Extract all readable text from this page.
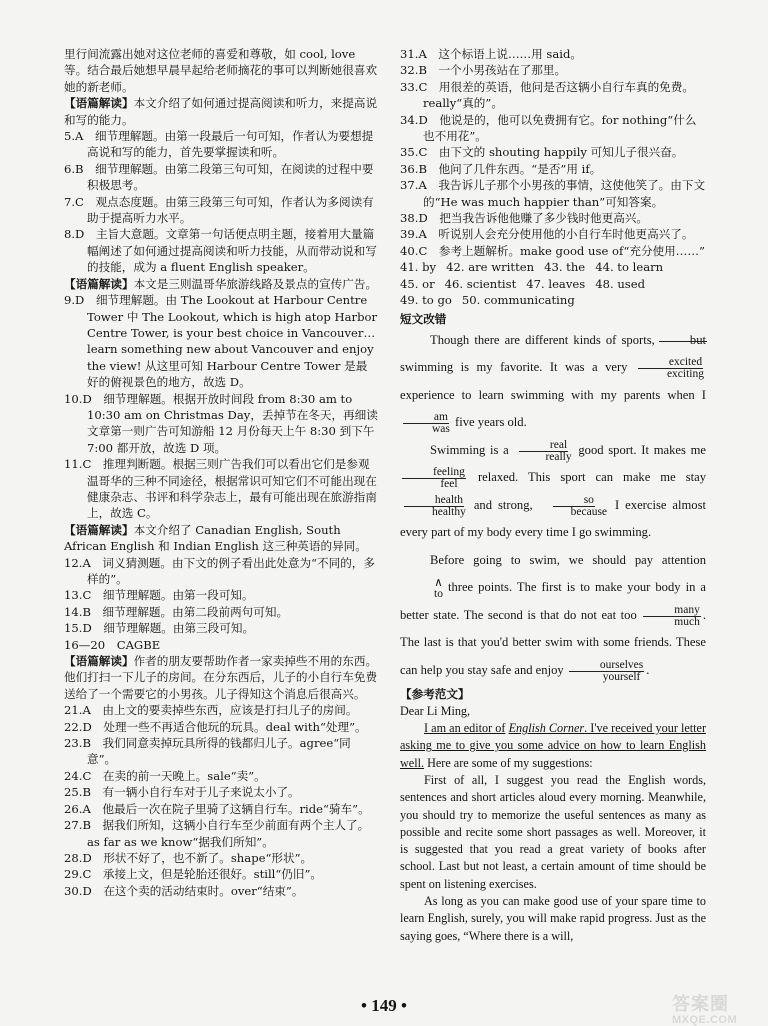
里行间流露出她对这位老师的喜爱和尊敬，如 cool, love 等。结合最后她想早晨早起给老师摘花的事可以判断她很喜欢她的新老师。
【语篇解读】本文介绍了如何通过提高阅读和听力，来提高说和写的能力。
5.A　细节理解题。由第一段最后一句可知，作者认为要想提高说和写的能力，首先要掌握读和听。
6.B　细节理解题。由第二段第三句可知，在阅读的过程中要积极思考。
7.C　观点态度题。由第三段第三句可知，作者认为多阅读有助于提高听力水平。
8.D　主旨大意题。文章第一句话便点明主题，接着用大量篇幅阐述了如何通过提高阅读和听力技能，从而带动说和写的技能，成为 a fluent English speaker。
【语篇解读】本文是三则温哥华旅游线路及景点的宣传广告。
9.D　细节理解题。由 The Lookout at Harbour Centre Tower 中 The Lookout, which is high atop Harbor Centre Tower, is your best choice in Vancouver…learn something new about Vancouver and enjoy the view! 从这里可知 Harbour Centre Tower 是最好的俯视景色的地方，故选 D。
10.D　细节理解题。根据开放时间段 from 8:30 am to 10:30 am on Christmas Day，丢掉节在冬天，再细读文章第一则广告可知游船 12 月份每天上午 8:30 到下午 7:00 都开放，故选 D 项。
11.C　推理判断题。根据三则广告我们可以看出它们是参观温哥华的三种不同途径，根据常识可知它们不可能出现在健康杂志、书评和科学杂志上，最有可能出现在旅游指南上，故选 C。
【语篇解读】本文介绍了 Canadian English, South African English 和 Indian English 这三种英语的异同。
12.A　词义猜测题。由下文的例子看出此处意为“不同的，多样的”。
13.C　细节理解题。由第一段可知。
14.B　细节理解题。由第二段前两句可知。
15.D　细节理解题。由第三段可知。
16—20　CAGBE
【语篇解读】作者的朋友要帮助作者一家卖掉些不用的东西。他们打扫一下儿子的房间。在分东西后，儿子的小自行车免费送给了一个需要它的小男孩。儿子得知这个消息后很高兴。
21.A　由上文的要卖掉些东西，应该是打扫儿子的房间。
22.D　处理一些不再适合他玩的玩具。deal with“处理”。
23.B　我们同意卖掉玩具所得的钱都归儿子。agree“同意”。
24.C　在卖的前一天晚上。sale“卖”。
25.B　有一辆小自行车对于儿子来说太小了。
26.A　他最后一次在院子里骑了这辆自行车。ride“骑车”。
27.B　据我们所知，这辆小自行车至少前面有两个主人了。as far as we know“据我们所知”。
28.D　形状不好了，也不新了。shape“形状”。
29.C　承接上文，但是轮胎还很好。still“仍旧”。
30.D　在这个卖的活动结束时。over“结束”。
31.A　这个标语上说……用 said。
32.B　一个小男孩站在了那里。
33.C　用很差的英语，他问是否这辆小自行车真的免费。really“真的”。
34.D　他说是的，他可以免费拥有它。for nothing“什么也不用花”。
35.C　由下文的 shouting happily 可知儿子很兴奋。
36.B　他问了几件东西。“是否”用 if。
37.A　我告诉儿子那个小男孩的事情，这使他笑了。由下文的“He was much happier than”可知答案。
38.D　把当我告诉他他赚了多少钱时他更高兴。
39.A　听说别人会充分使用他的小自行车时他更高兴了。
40.C　参考上题解析。make good use of“充分使用……”
41. by 42. are written 43. the 44. to learn
45. or 46. scientist 47. leaves 48. used
49. to go 50. communicating
短文改错

Though there are different kinds of sports,	but swimming is my favorite. It was a very	excited
exciting
experience to learn swimming with my parents when I
am
was five years old.

Swimming is a	real
really good sport. It makes me
feeling
feel relaxed. This sport can make me stay
health
healthy and strong,	so
because I exercise almost every part of my body every time I go swimming.

Before going to swim, we should pay attention
∧
to three points. The first is to make your body in a better state. The second is that do not eat too	many
much . The last is that you'd better swim with some friends. These can help you stay safe and enjoy	ourselves
yourself .

【参考范文】

Dear Li Ming,

I am an editor of English Corner. I've received your letter asking me to give you some advice on how to learn English well. Here are some of my suggestions:

First of all, I suggest you read the English words, sentences and short articles aloud every morning. Meanwhile, you should try to memorize the useful sentences as many as possible and recite some short passages as well. Moreover, it is suggested that you read a great variety of books after school. Last but not least, a certain amount of time should be spent on listening exercises.

As long as you can make good use of your spare time to learn English, surely, you will make rapid progress. Just as the saying goes, “Where there is a will,

• 149 •	答案圈
MXQE.COM
